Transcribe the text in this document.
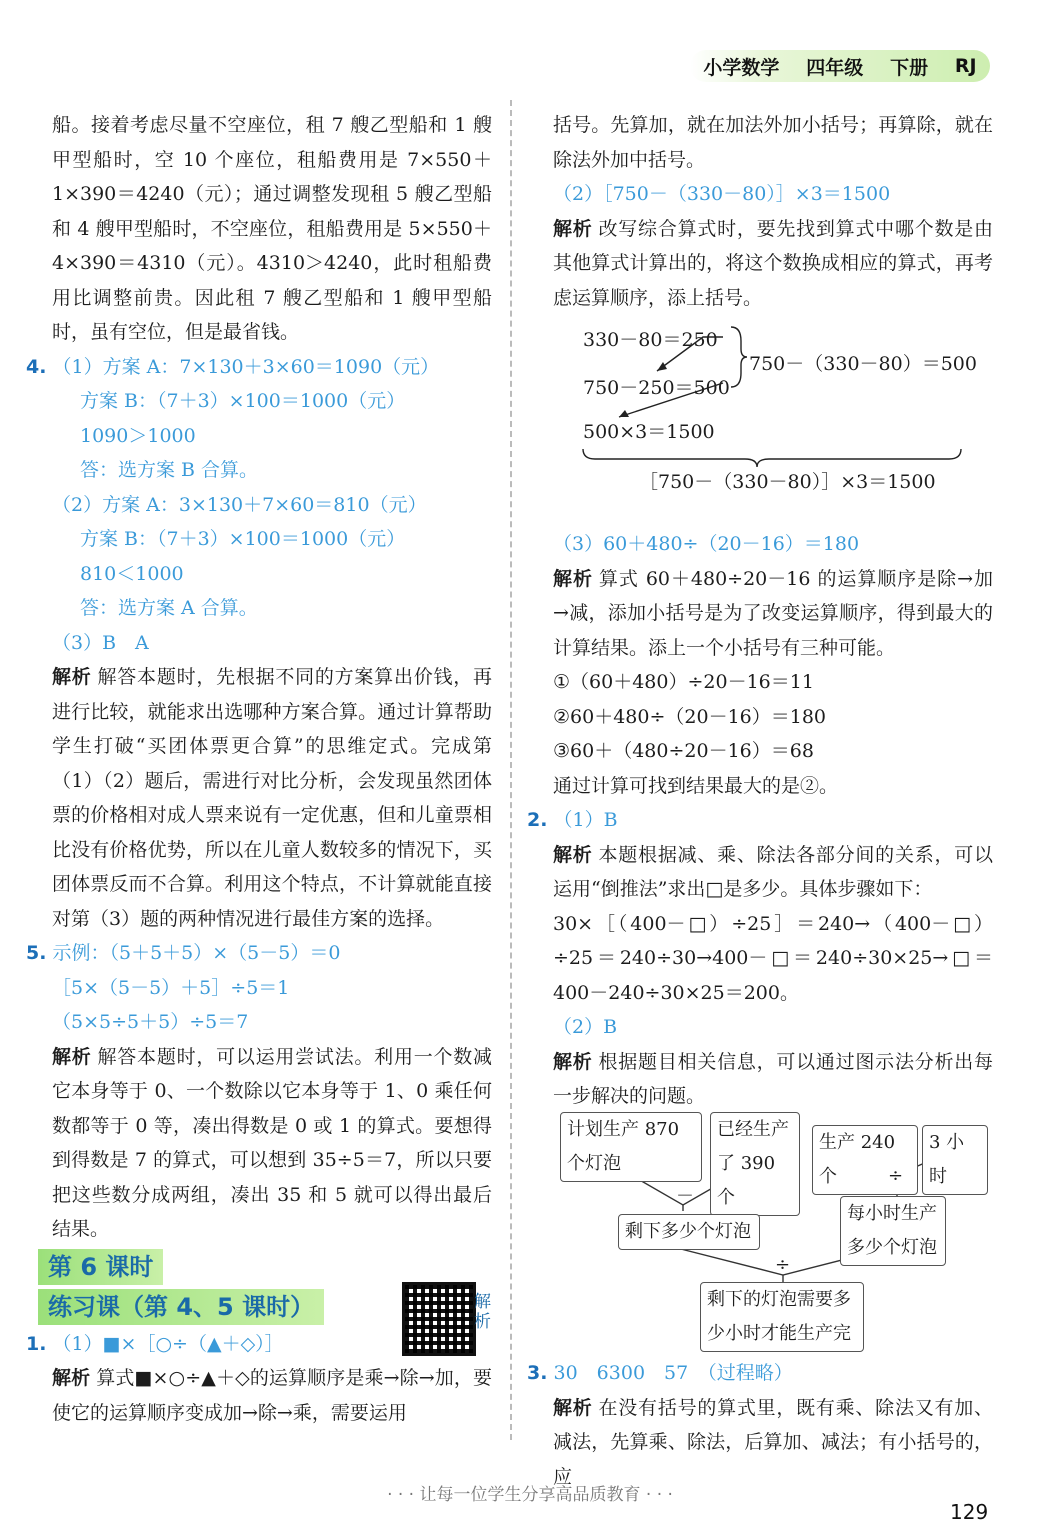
小学数学 四年级 下册 RJ

船。接着考虑尽量不空座位，租 7 艘乙型船和 1 艘甲型船时，空 10 个座位，租船费用是 7×550＋1×390＝4240（元）；通过调整发现租 5 艘乙型船和 4 艘甲型船时，不空座位，租船费用是 5×550＋4×390＝4310（元）。4310＞4240，此时租船费用比调整前贵。因此租 7 艘乙型船和 1 艘甲型船时，虽有空位，但是最省钱。

4. （1）方案 A：7×130＋3×60＝1090（元）

方案 B：（7＋3）×100＝1000（元）

1090＞1000

答：选方案 B 合算。

（2）方案 A：3×130＋7×60＝810（元）

方案 B：（7＋3）×100＝1000（元）

810＜1000

答：选方案 A 合算。

（3）B　A

解析 解答本题时，先根据不同的方案算出价钱，再进行比较，就能求出选哪种方案合算。通过计算帮助学生打破“买团体票更合算”的思维定式。完成第（1）（2）题后，需进行对比分析，会发现虽然团体票的价格相对成人票来说有一定优惠，但和儿童票相比没有价格优势，所以在儿童人数较多的情况下，买团体票反而不合算。利用这个特点，不计算就能直接对第（3）题的两种情况进行最佳方案的选择。

5. 示例：（5＋5＋5）×（5－5）＝0

［5×（5－5）＋5］÷5＝1

（5×5÷5＋5）÷5＝7

解析 解答本题时，可以运用尝试法。利用一个数减它本身等于 0、一个数除以它本身等于 1、0 乘任何数都等于 0 等，凑出得数是 0 或 1 的算式。要想得到得数是 7 的算式，可以想到 35÷5＝7，所以只要把这些数分成两组，凑出 35 和 5 就可以得出最后结果。

第 6 课时
练习课（第 4、5 课时）

1. （1）■×［○÷（▲＋◇）］

解析 算式■×○÷▲＋◇的运算顺序是乘→除→加，要使它的运算顺序变成加→除→乘，需要运用

解析

括号。先算加，就在加法外加小括号；再算除，就在除法外加中括号。

（2）［750－（330－80）］×3＝1500

解析 改写综合算式时，要先找到算式中哪个数是由其他算式计算出的，将这个数换成相应的算式，再考虑运算顺序，添上括号。

330－80＝250
750－250＝500
750－（330－80）＝500
500×3＝1500
［750－（330－80）］×3＝1500

（3）60＋480÷（20－16）＝180

解析 算式 60＋480÷20－16 的运算顺序是除→加→减，添加小括号是为了改变运算顺序，得到最大的计算结果。添上一个小括号有三种可能。

①（60＋480）÷20－16＝11

②60＋480÷（20－16）＝180

③60＋（480÷20－16）＝68

通过计算可找到结果最大的是②。

2. （1）B

解析 本题根据减、乘、除法各部分间的关系，可以运用“倒推法”求出□是多少。具体步骤如下：

30×［（400－□）÷25］＝240→（400－□）÷25＝240÷30→400－□＝240÷30×25→□＝400－240÷30×25＝200。

（2）B

解析 根据题目相关信息，可以通过图示法分析出每一步解决的问题。

计划生产 870 个灯泡
已经生产了 390 个
生产 240 个
3 小时
－
÷
剩下多少个灯泡
每小时生产多少个灯泡
÷
剩下的灯泡需要多少小时才能生产完

3. 30　6300　57　（过程略）

解析 在没有括号的算式里，既有乘、除法又有加、减法，先算乘、除法，后算加、减法；有小括号的，应

· · · 让每一位学生分享高品质教育 · · ·
129
